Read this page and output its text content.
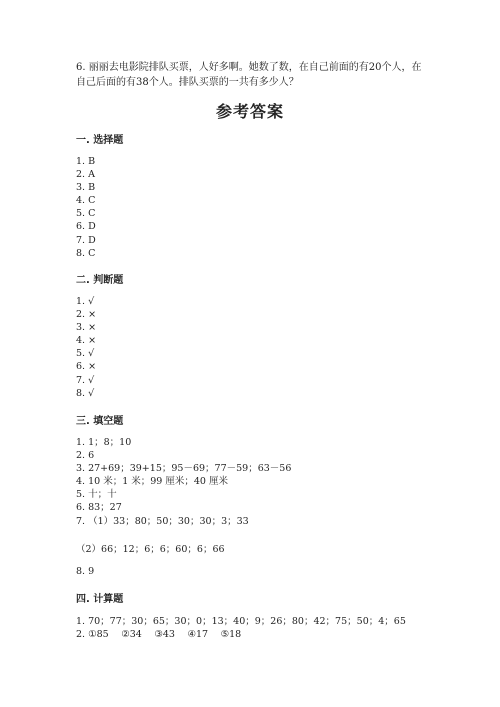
6. 丽丽去电影院排队买票，人好多啊。她数了数，在自己前面的有20个人，在自己后面的有38个人。排队买票的一共有多少人？
参考答案
一. 选择题
1. B
2. A
3. B
4. C
5. C
6. D
7. D
8. C
二. 判断题
1. √
2. ×
3. ×
4. ×
5. √
6. ×
7. √
8. √
三. 填空题
1. 1；8；10
2. 6
3. 27+69；39+15；95－69；77－59；63－56
4. 10 米；1 米；99 厘米；40 厘米
5. 十；十
6. 83；27
7. （1）33；80；50；30；30；3；33
（2）66；12；6；6；60；6；66
8. 9
四. 计算题
1. 70；77；30；65；30；0；13；40；9；26；80；42；75；50；4；65
2. ①85　 ②34　 ③43　 ④17　 ⑤18
